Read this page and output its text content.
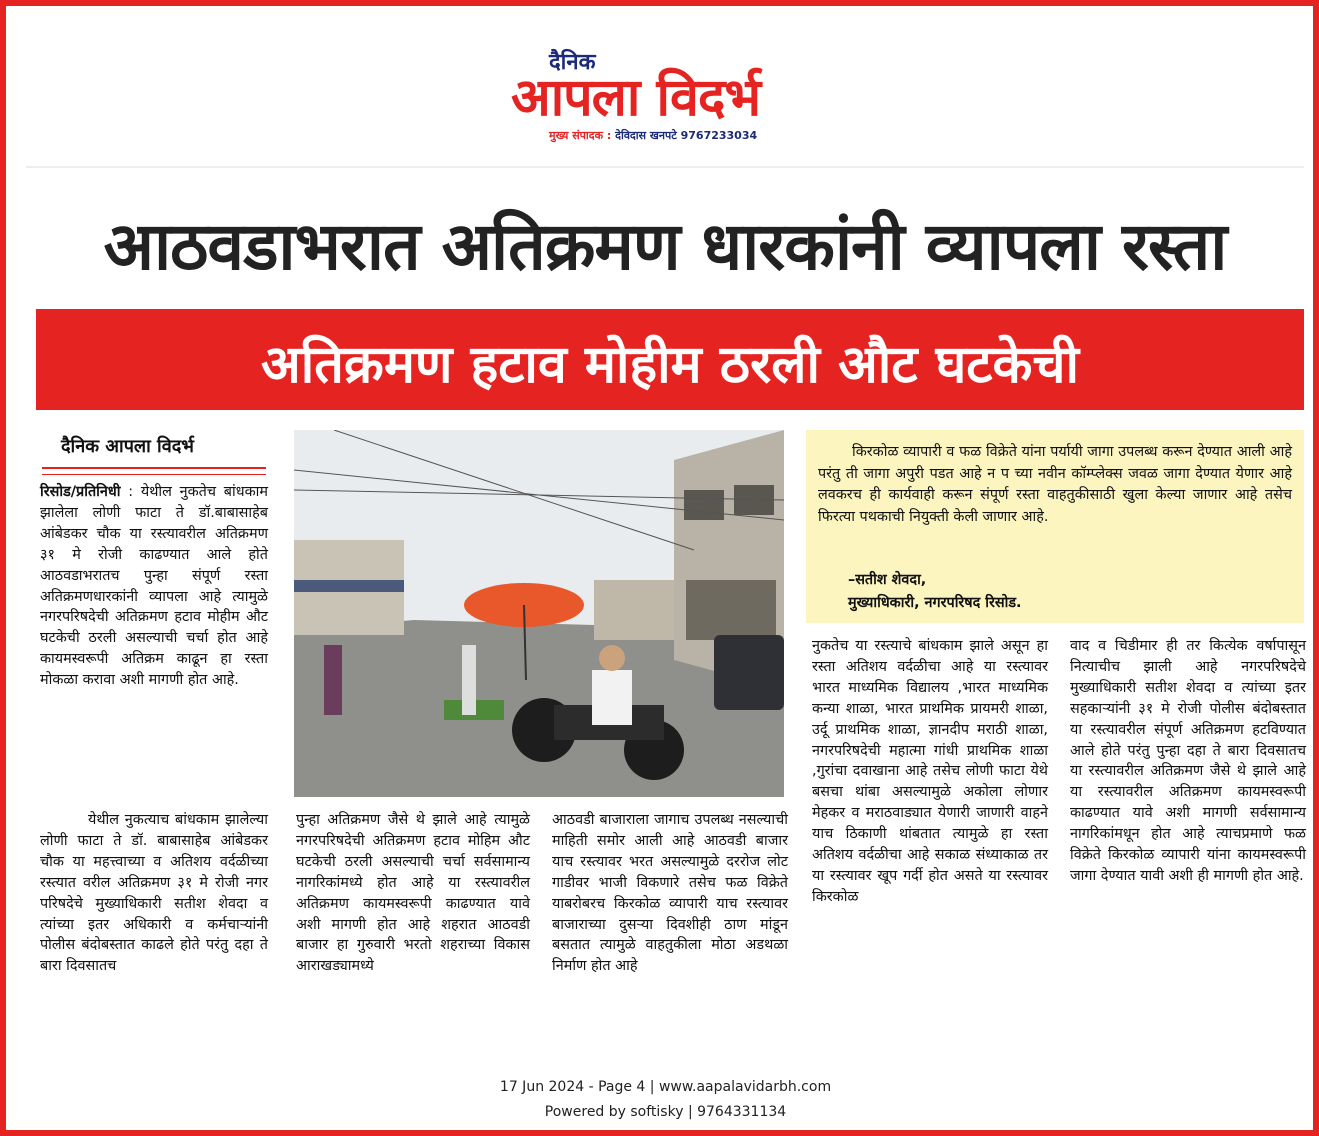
दैनिक
आपला विदर्भ
मुख्य संपादक : देविदास खनपटे 9767233034
आठवडाभरात अतिक्रमण धारकांनी व्यापला रस्ता
अतिक्रमण हटाव मोहीम ठरली औट घटकेची
दैनिक आपला विदर्भ

रिसोड/प्रतिनिधी : येथील नुकतेच बांधकाम झालेला लोणी फाटा ते डॉ.बाबासाहेब आंबेडकर चौक या रस्त्यावरील अतिक्रमण ३१ मे रोजी काढण्यात आले होते आठवडाभरातच पुन्हा संपूर्ण रस्ता अतिक्रमणधारकांनी व्यापला आहे त्यामुळे नगरपरिषदेची अतिक्रमण हटाव मोहीम औट घटकेची ठरली असल्याची चर्चा होत आहे कायमस्वरूपी अतिक्रम काढून हा रस्ता मोकळा करावा अशी मागणी होत आहे.

येथील नुकत्याच बांधकाम झालेल्या लोणी फाटा ते डॉ. बाबासाहेब आंबेडकर चौक या महत्त्वाच्या व अतिशय वर्दळीच्या रस्त्यात वरील अतिक्रमण ३१ मे रोजी नगर परिषदेचे मुख्याधिकारी सतीश शेवदा व त्यांच्या इतर अधिकारी व कर्मचाऱ्यांनी पोलीस बंदोबस्तात काढले होते परंतु दहा ते बारा दिवसातच

किरकोळ व्यापारी व फळ विक्रेते यांना पर्यायी जागा उपलब्ध करून देण्यात आली आहे परंतु ती जागा अपुरी पडत आहे न प च्या नवीन कॉम्प्लेक्स जवळ जागा देण्यात येणार आहे लवकरच ही कार्यवाही करून संपूर्ण रस्ता वाहतुकीसाठी खुला केल्या जाणार आहे तसेच फिरत्या पथकाची नियुक्ती केली जाणार आहे.

–सतीश शेवदा,

मुख्याधिकारी, नगरपरिषद रिसोड.

पुन्हा अतिक्रमण जैसे थे झाले आहे त्यामुळे नगरपरिषदेची अतिक्रमण हटाव मोहिम औट घटकेची ठरली असल्याची चर्चा सर्वसामान्य नागरिकांमध्ये होत आहे या रस्त्यावरील अतिक्रमण कायमस्वरूपी काढण्यात यावे अशी मागणी होत आहे शहरात आठवडी बाजार हा गुरुवारी भरतो शहराच्या विकास आराखड्यामध्ये

आठवडी बाजाराला जागाच उपलब्ध नसल्याची माहिती समोर आली आहे आठवडी बाजार याच रस्त्यावर भरत असल्यामुळे दररोज लोट गाडीवर भाजी विकणारे तसेच फळ विक्रेते याबरोबरच किरकोळ व्यापारी याच रस्त्यावर बाजाराच्या दुसऱ्या दिवशीही ठाण मांडून बसतात त्यामुळे वाहतुकीला मोठा अडथळा निर्माण होत आहे

नुकतेच या रस्त्याचे बांधकाम झाले असून हा रस्ता अतिशय वर्दळीचा आहे या रस्त्यावर भारत माध्यमिक विद्यालय ,भारत माध्यमिक कन्या शाळा, भारत प्राथमिक प्रायमरी शाळा, उर्दू प्राथमिक शाळा, ज्ञानदीप मराठी शाळा, नगरपरिषदेची महात्मा गांधी प्राथमिक शाळा ,गुरांचा दवाखाना आहे तसेच लोणी फाटा येथे बसचा थांबा असल्यामुळे अकोला लोणार मेहकर व मराठवाड्यात येणारी जाणारी वाहने याच ठिकाणी थांबतात त्यामुळे हा रस्ता अतिशय वर्दळीचा आहे सकाळ संध्याकाळ तर या रस्त्यावर खूप गर्दी होत असते या रस्त्यावर किरकोळ

वाद व चिडीमार ही तर कित्येक वर्षापासून नित्याचीच झाली आहे नगरपरिषदेचे मुख्याधिकारी सतीश शेवदा व त्यांच्या इतर सहकाऱ्यांनी ३१ मे रोजी पोलीस बंदोबस्तात या रस्त्यावरील संपूर्ण अतिक्रमण हटविण्यात आले होते परंतु पुन्हा दहा ते बारा दिवसातच या रस्त्यावरील अतिक्रमण जैसे थे झाले आहे या रस्त्यावरील अतिक्रमण कायमस्वरूपी काढण्यात यावे अशी मागणी सर्वसामान्य नागरिकांमधून होत आहे त्याचप्रमाणे फळ विक्रेते किरकोळ व्यापारी यांना कायमस्वरूपी जागा देण्यात यावी अशी ही मागणी होत आहे.

17 Jun 2024 - Page 4 | www.aapalavidarbh.com
Powered by softisky | 9764331134
